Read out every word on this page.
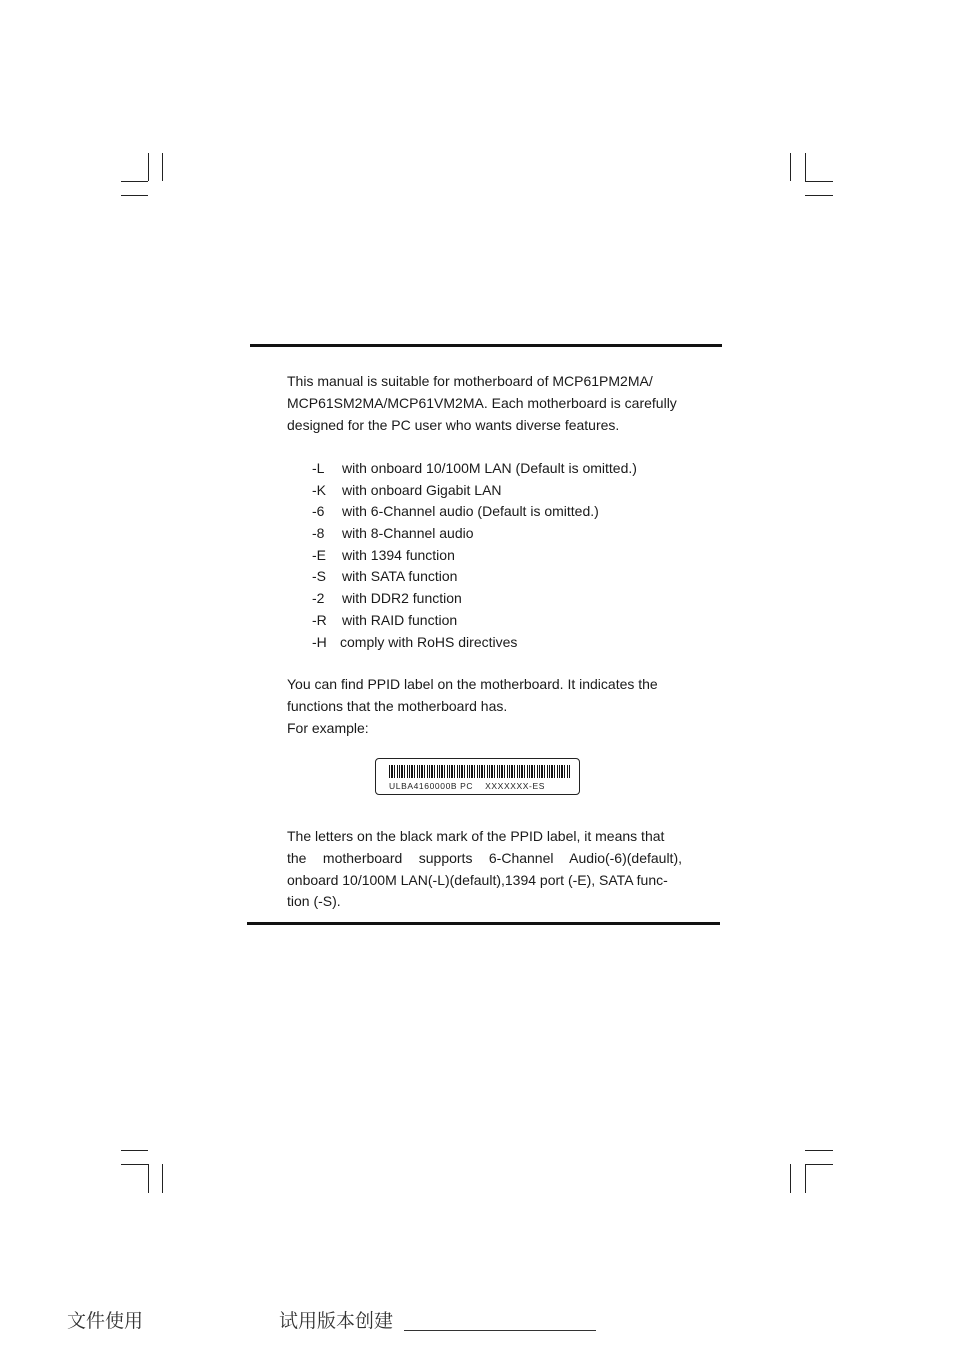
This manual is suitable for motherboard of MCP61PM2MA/

MCP61SM2MA/MCP61VM2MA. Each motherboard is carefully

designed for the PC user who wants diverse features.

-L	with onboard 10/100M LAN (Default is omitted.)
-K	with onboard Gigabit LAN
-6	with 6-Channel audio (Default is omitted.)
-8	with 8-Channel audio
-E	with 1394 function
-S	with SATA function
-2	with DDR2 function
-R	with RAID function
-H comply with RoHS directives

You can find PPID label on the motherboard. It indicates the

functions that the motherboard has.

For example:

ULBA4160000B PC XXXXXXX-ES

The letters on the black mark of the PPID label, it means that

the motherboard supports 6-Channel Audio(-6)(default),

onboard 10/100M LAN(-L)(default),1394 port (-E), SATA func-

tion (-S).

文件使用	试用版本创建
